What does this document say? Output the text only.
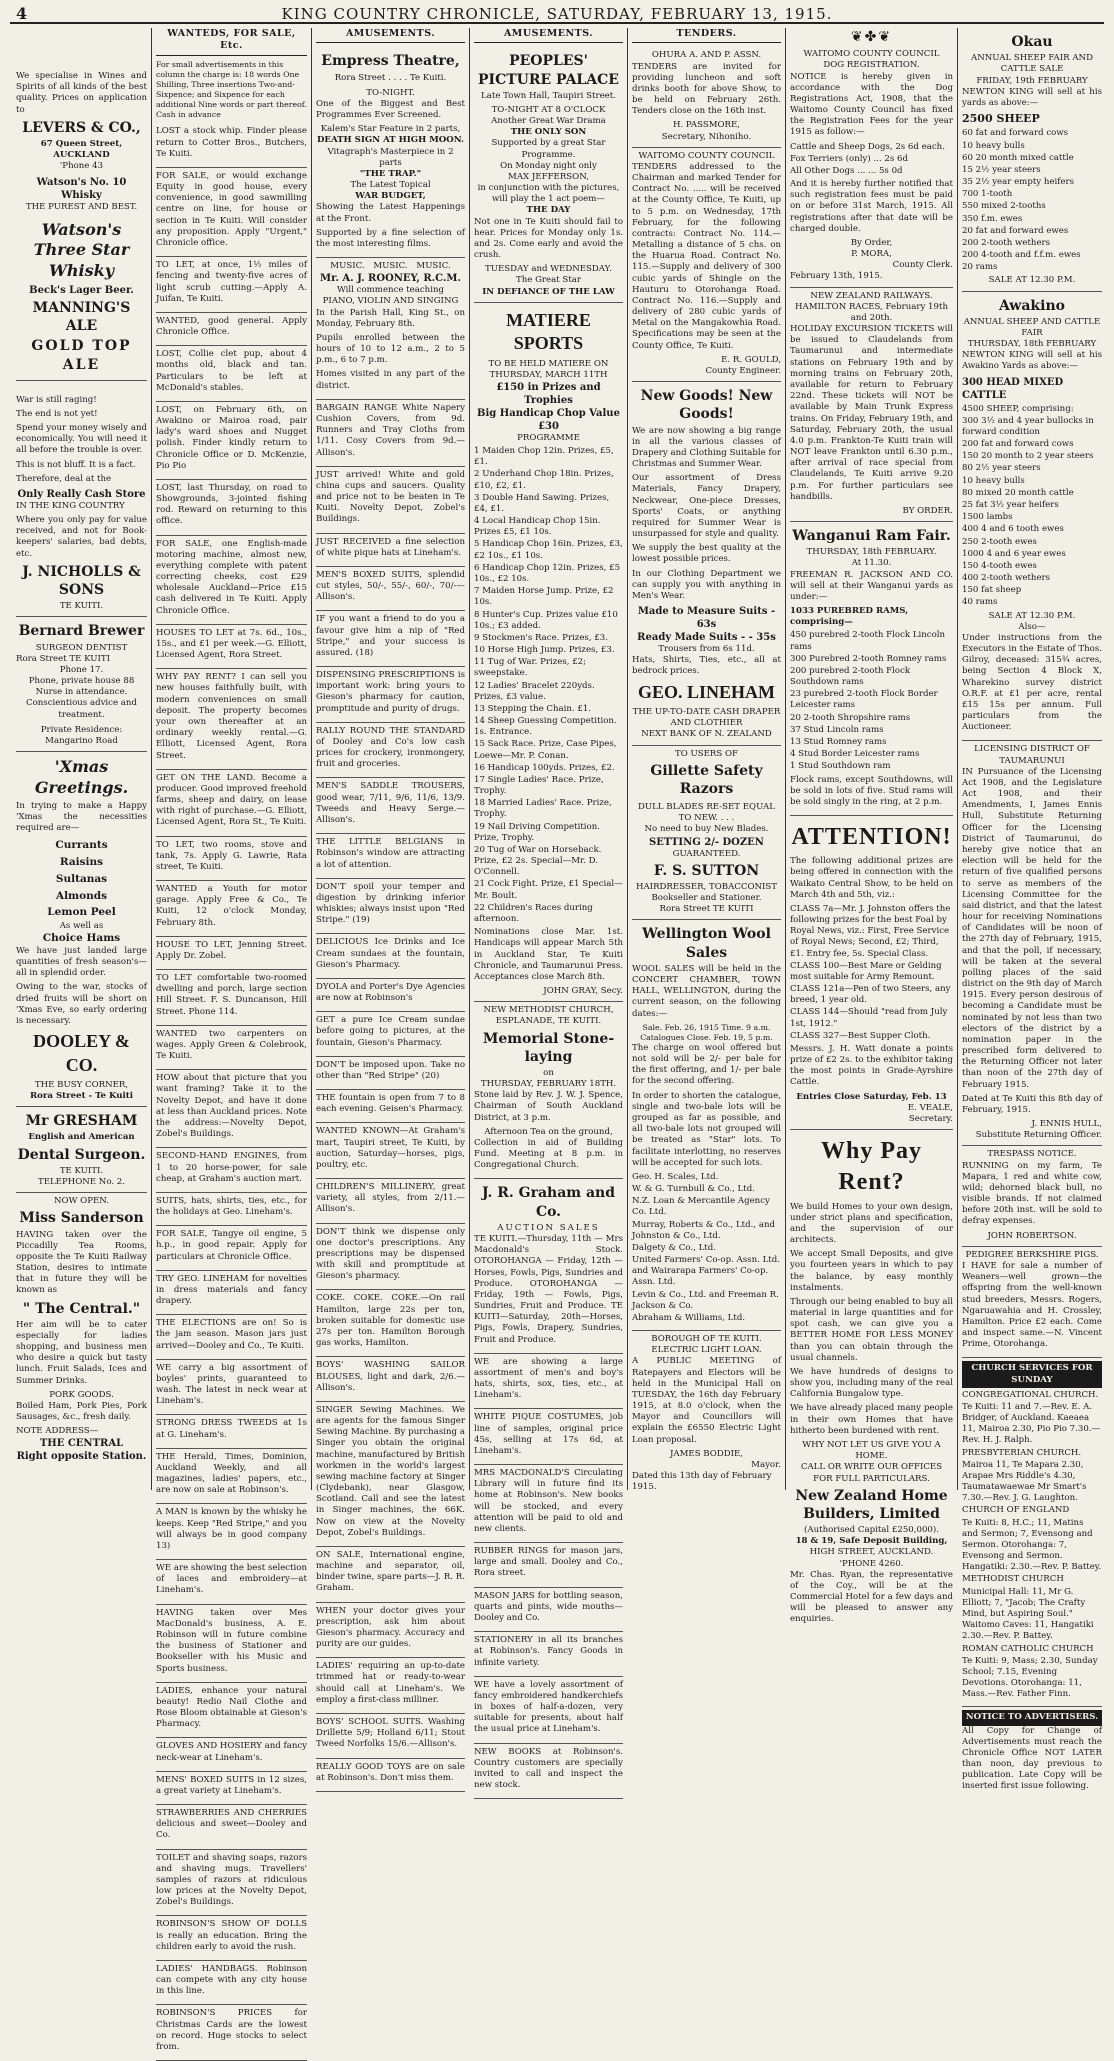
4	KING COUNTRY CHRONICLE, SATURDAY, FEBRUARY 13, 1915.

We specialise in Wines and Spirits of all kinds of the best quality. Prices on application to

LEVERS & CO.,
67 Queen Street, AUCKLAND
'Phone 43
Watson's No. 10 Whisky
THE PUREST AND BEST.
Watson's Three Star Whisky
Beck's Lager Beer.
MANNING'S ALE
GOLD TOP ALE

War is still raging!

The end is not yet!

Spend your money wisely and economically. You will need it all before the trouble is over.

This is not bluff. It is a fact.

Therefore, deal at the

Only Really Cash Store

IN THE KING COUNTRY

Where you only pay for value received, and not for Book-keepers' salaries, bad debts, etc.

J. NICHOLLS & SONS
TE KUITI.
Bernard Brewer
SURGEON DENTIST
Rora Street TE KUITI
Phone 17.
Phone, private house 88
Nurse in attendance.
Conscientious advice and treatment.
Private Residence: Mangarino Road
'Xmas Greetings.

In trying to make a Happy 'Xmas the necessities required are—

Currants
Raisins
Sultanas
Almonds
Lemon Peel
As well as
Choice Hams

We have just landed large quantities of fresh season's—all in splendid order.

Owing to the war, stocks of dried fruits will be short on 'Xmas Eve, so early ordering is necessary.

DOOLEY & CO.
THE BUSY CORNER,
Rora Street - Te Kuiti
Mr GRESHAM
English and American
Dental Surgeon.
TE KUITI.
TELEPHONE No. 2.
NOW OPEN.
Miss Sanderson

HAVING taken over the Piccadilly Tea Rooms, opposite the Te Kuiti Railway Station, desires to intimate that in future they will be known as

" The Central."

Her aim will be to cater especially for ladies shopping, and business men who desire a quick but tasty lunch. Fruit Salads, Ices and Summer Drinks.

PORK GOODS.

Boiled Ham, Pork Pies, Pork Sausages, &c., fresh daily.

NOTE ADDRESS—
THE CENTRAL
Right opposite Station.
WANTEDS, FOR SALE, Etc.

For small advertisements in this column the charge is: 18 words One Shilling, Three insertions Two-and-Sixpence; and Sixpence for each additional Nine words or part thereof. Cash in advance

LOST a stock whip. Finder please return to Cotter Bros., Butchers, Te Kuiti.

FOR SALE, or would exchange Equity in good house, every convenience, in good sawmilling centre on line, for house or section in Te Kuiti. Will consider any proposition. Apply "Urgent," Chronicle office.

TO LET, at once, 1½ miles of fencing and twenty-five acres of light scrub cutting.—Apply A. Juifan, Te Kuiti.

WANTED, good general. Apply Chronicle Office.

LOST, Collie clet pup, about 4 months old, black and tan. Particulars to be left at McDonald's stables.

LOST, on February 6th, on Awakino or Mairoa road, pair lady's ward shoes and Nugget polish. Finder kindly return to Chronicle Office or D. McKenzie, Pio Pio

LOST, last Thursday, on road to Showgrounds, 3-jointed fishing rod. Reward on returning to this office.

FOR SALE, one English-made motoring machine, almost new, everything complete with patent correcting cheeks, cost £29 wholesale Auckland—Price £15 cash delivered in Te Kuiti. Apply Chronicle Office.

HOUSES TO LET at 7s. 6d., 10s., 15s., and £1 per week.—G. Elliott, Licensed Agent, Rora Street.

WHY PAY RENT? I can sell you new houses faithfully built, with modern conveniences on small deposit. The property becomes your own thereafter at an ordinary weekly rental.—G. Elliott, Licensed Agent, Rora Street.

GET ON THE LAND. Become a producer. Good improved freehold farms, sheep and dairy, on lease with right of purchase.—G. Elliott, Licensed Agent, Rora St., Te Kuiti.

TO LET, two rooms, stove and tank, 7s. Apply G. Lawrie, Rata street, Te Kuiti.

WANTED a Youth for motor garage. Apply Free & Co., Te Kuiti, 12 o'clock Monday, February 8th.

HOUSE TO LET, Jenning Street. Apply Dr. Zobel.

TO LET comfortable two-roomed dwelling and porch, large section Hill Street. F. S. Duncanson, Hill Street. Phone 114.

WANTED two carpenters on wages. Apply Green & Colebrook, Te Kuiti.

HOW about that picture that you want framing? Take it to the Novelty Depot, and have it done at less than Auckland prices. Note the address:—Novelty Depot, Zobel's Buildings.

SECOND-HAND ENGINES, from 1 to 20 horse-power, for sale cheap, at Graham's auction mart.

SUITS, hats, shirts, ties, etc., for the holidays at Geo. Lineham's.

FOR SALE, Tangye oil engine, 5 h.p., in good repair. Apply for particulars at Chronicle Office.

TRY GEO. LINEHAM for novelties in dress materials and fancy drapery.

THE ELECTIONS are on! So is the jam season. Mason jars just arrived—Dooley and Co., Te Kuiti.

WE carry a big assortment of boyles' prints, guaranteed to wash. The latest in neck wear at Lineham's.

STRONG DRESS TWEEDS at 1s at G. Lineham's.

THE Herald, Times, Dominion, Auckland Weekly, and all magazines, ladies' papers, etc., are now on sale at Robinson's.

A MAN is known by the whisky he keeps. Keep "Red Stripe," and you will always be in good company 13)

WE are showing the best selection of laces and embroidery—at Lineham's.

HAVING taken over Mes MacDonald's business, A. E. Robinson will in future combine the business of Stationer and Bookseller with his Music and Sports business.

LADIES, enhance your natural beauty! Redio Nail Clothe and Rose Bloom obtainable at Gieson's Pharmacy.

GLOVES AND HOSIERY and fancy neck-wear at Lineham's.

MENS' BOXED SUITS in 12 sizes, a great variety at Lineham's.

STRAWBERRIES AND CHERRIES delicious and sweet—Dooley and Co.

TOILET and shaving soaps, razors and shaving mugs. Travellers' samples of razors at ridiculous low prices at the Novelty Depot, Zobel's Buildings.

ROBINSON'S SHOW OF DOLLS is really an education. Bring the children early to avoid the rush.

LADIES' HANDBAGS. Robinson can compete with any city house in this line.

ROBINSON'S PRICES for Christmas Cards are the lowest on record. Huge stocks to select from.

AMUSEMENTS.
Empress Theatre,
Rora Street . . . . Te Kuiti.
TO-NIGHT.

One of the Biggest and Best Programmes Ever Screened.

Kalem's Star Feature in 2 parts,
DEATH SIGN AT HIGH MOON.
Vitagraph's Masterpiece in 2 parts
"THE TRAP."
The Latest Topical
WAR BUDGET,

Showing the Latest Happenings at the Front.

Supported by a fine selection of the most interesting films.

MUSIC. MUSIC. MUSIC.
Mr. A. J. ROONEY, R.C.M.
Will commence teaching
PIANO, VIOLIN AND SINGING

In the Parish Hall, King St., on Monday, February 8th.

Pupils enrolled between the hours of 10 to 12 a.m., 2 to 5 p.m., 6 to 7 p.m.

Homes visited in any part of the district.

BARGAIN RANGE White Napery Cushion Covers, from 9d. Runners and Tray Cloths from 1/11. Cosy Covers from 9d.—Allison's.

JUST arrived! White and gold china cups and saucers. Quality and price not to be beaten in Te Kuiti. Novelty Depot, Zobel's Buildings.

JUST RECEIVED a fine selection of white pique hats at Lineham's.

MEN'S BOXED SUITS, splendid cut styles, 50/-, 55/-, 60/-, 70/-—Allison's.

IF you want a friend to do you a favour give him a nip of "Red Stripe," and your success is assured. (18)

DISPENSING PRESCRIPTIONS is important work: bring yours to Gieson's pharmacy for caution, promptitude and purity of drugs.

RALLY ROUND THE STANDARD of Dooley and Co's low cash prices for crockery, ironmongery, fruit and groceries.

MEN'S SADDLE TROUSERS, good wear, 7/11, 9/6, 11/6, 13/9. Tweeds and Heavy Serge.—Allison's.

THE LITTLE BELGIANS in Robinson's window are attracting a lot of attention.

DON'T spoil your temper and digestion by drinking inferior whiskies; always insist upon "Red Stripe." (19)

DELICIOUS Ice Drinks and Ice Cream sundaes at the fountain, Gieson's Pharmacy.

DYOLA and Porter's Dye Agencies are now at Robinson's

GET a pure Ice Cream sundae before going to pictures, at the fountain, Gieson's Pharmacy.

DON'T be imposed upon. Take no other than "Red Stripe" (20)

THE fountain is open from 7 to 8 each evening. Geisen's Pharmacy.

WANTED KNOWN—At Graham's mart, Taupiri street, Te Kuiti, by auction, Saturday—horses, pigs, poultry, etc.

CHILDREN'S MILLINERY, great variety, all styles, from 2/11.—Allison's.

DON'T think we dispense only one doctor's prescriptions. Any prescriptions may be dispensed with skill and promptitude at Gieson's pharmacy.

COKE. COKE. COKE.—On rail Hamilton, large 22s per ton, broken suitable for domestic use 27s per ton. Hamilton Borough gas works, Hamilton.

BOYS' WASHING SAILOR BLOUSES, light and dark, 2/6.—Allison's.

SINGER Sewing Machines. We are agents for the famous Singer Sewing Machine. By purchasing a Singer you obtain the original machine, manufactured by British workmen in the world's largest sewing machine factory at Singer (Clydebank), near Glasgow, Scotland. Call and see the latest in Singer machines, the 66K. Now on view at the Novelty Depot, Zobel's Buildings.

ON SALE, International engine, machine and separator, oil, binder twine, spare parts—J. R. R. Graham.

WHEN your doctor gives your prescription, ask him about Gieson's pharmacy. Accuracy and purity are our guides.

LADIES' requiring an up-to-date trimmed hat or ready-to-wear should call at Lineham's. We employ a first-class milliner.

BOYS' SCHOOL SUITS. Washing Drillette 5/9; Holland 6/11; Stout Tweed Norfolks 15/6.—Allison's.

REALLY GOOD TOYS are on sale at Robinson's. Don't miss them.

AMUSEMENTS.
PEOPLES' PICTURE PALACE
Late Town Hall, Taupiri Street.
TO-NIGHT AT 8 O'CLOCK
Another Great War Drama
THE ONLY SON
Supported by a great Star Programme.
On Monday night only
MAX JEFFERSON,
in conjunction with the pictures, will play the 1 act poem—
THE DAY

Not one in Te Kuiti should fail to hear. Prices for Monday only 1s. and 2s. Come early and avoid the crush.

TUESDAY and WEDNESDAY.
The Great Star
IN DEFIANCE OF THE LAW
MATIERE SPORTS
TO BE HELD MATIERE ON
THURSDAY, MARCH 11TH
£150 in Prizes and Trophies
Big Handicap Chop Value £30
PROGRAMME
1 Maiden Chop 12in. Prizes, £5, £1.
2 Underhand Chop 18in. Prizes, £10, £2, £1.
3 Double Hand Sawing. Prizes, £4, £1.
4 Local Handicap Chop 15in. Prizes £5, £1 10s.
5 Handicap Chop 16in. Prizes, £3, £2 10s., £1 10s.
6 Handicap Chop 12in. Prizes, £5 10s., £2 10s.
7 Maiden Horse Jump. Prize, £2 10s.
8 Hunter's Cup. Prizes value £10 10s.; £3 added.
9 Stockmen's Race. Prizes, £3.
10 Horse High Jump. Prizes, £3.
11 Tug of War. Prizes, £2; sweepstake.
12 Ladies' Bracelet 220yds. Prizes, £3 value.
13 Stepping the Chain. £1.
14 Sheep Guessing Competition. 1s. Entrance.
15 Sack Race. Prize, Case Pipes, Loewe—Mr. P. Conan.
16 Handicap 100yds. Prizes, £2.
17 Single Ladies' Race. Prize, Trophy.
18 Married Ladies' Race. Prize, Trophy.
19 Nail Driving Competition. Prize, Trophy.
20 Tug of War on Horseback. Prize, £2 2s. Special—Mr. D. O'Connell.
21 Cock Fight. Prize, £1 Special—Mr. Boult.
22 Children's Races during afternoon.

Nominations close Mar. 1st. Handicaps will appear March 5th in Auckland Star, Te Kuiti Chronicle, and Taumarunui Press. Acceptances close March 8th.

JOHN GRAY, Secy.
NEW METHODIST CHURCH, ESPLANADE, TE KUITI.
Memorial Stone-laying
on
THURSDAY, FEBRUARY 18TH.

Stone laid by Rev. J. W. J. Spence, Chairman of South Auckland District, at 3 p.m.

Afternoon Tea on the ground,

Collection in aid of Building Fund. Meeting at 8 p.m. in Congregational Church.

J. R. Graham and Co.
AUCTION SALES

TE KUITI.—Thursday, 11th — Mrs Macdonald's Stock. OTOROHANGA — Friday, 12th — Horses, Fowls, Pigs, Sundries and Produce. OTOROHANGA — Friday, 19th — Fowls, Pigs, Sundries, Fruit and Produce. TE KUITI—Saturday, 20th—Horses, Pigs, Fowls, Drapery, Sundries, Fruit and Produce.

WE are showing a large assortment of men's and boy's hats, shirts, sox, ties, etc., at Lineham's.

WHITE PIQUE COSTUMES, job line of samples, original price 45s, selling at 17s 6d, at Lineham's.

MRS MACDONALD'S Circulating Library will in future find its home at Robinson's. New books will be stocked, and every attention will be paid to old and new clients.

RUBBER RINGS for mason jars, large and small. Dooley and Co., Rora street.

MASON JARS for bottling season, quarts and pints, wide mouths—Dooley and Co.

STATIONERY in all its branches at Robinson's. Fancy Goods in infinite variety.

WE have a lovely assortment of fancy embroidered handkerchiefs in boxes of half-a-dozen, very suitable for presents, about half the usual price at Lineham's.

NEW BOOKS at Robinson's. Country customers are specially invited to call and inspect the new stock.

TENDERS.
OHURA A. AND P. ASSN.

TENDERS are invited for providing luncheon and soft drinks booth for above Show, to be held on February 26th. Tenders close on the 16th inst.

H. PASSMORE,
Secretary, Nihoniho.
WAITOMO COUNTY COUNCIL

TENDERS addressed to the Chairman and marked Tender for Contract No. ..... will be received at the County Office, Te Kuiti, up to 5 p.m. on Wednesday, 17th February, for the following contracts: Contract No. 114.—Metalling a distance of 5 chs. on the Huarua Road. Contract No. 115.—Supply and delivery of 300 cubic yards of Shingle on the Hauturu to Otorohanga Road. Contract No. 116.—Supply and delivery of 280 cubic yards of Metal on the Mangakowhia Road. Specifications may be seen at the County Office, Te Kuiti.

E. R. GOULD,
County Engineer.
New Goods! New Goods!

We are now showing a big range in all the various classes of Drapery and Clothing Suitable for Christmas and Summer Wear.

Our assortment of Dress Materials, Fancy Drapery, Neckwear, One-piece Dresses, Sports' Coats, or anything required for Summer Wear is unsurpassed for style and quality.

We supply the best quality at the lowest possible prices.

In our Clothing Department we can supply you with anything in Men's Wear.

Made to Measure Suits - 63s
Ready Made Suits - - 35s
Trousers from 6s 11d.

Hats, Shirts, Ties, etc., all at bedrock prices.

GEO. LINEHAM
THE UP-TO-DATE CASH DRAPER AND CLOTHIER
NEXT BANK OF N. ZEALAND
TO USERS OF
Gillette Safety Razors
DULL BLADES RE-SET EQUAL TO NEW. . . .
No need to buy New Blades.
SETTING 2/- DOZEN
GUARANTEED.
F. S. SUTTON
HAIRDRESSER, TOBACCONIST
Bookseller and Stationer.
Rora Street TE KUITI
Wellington Wool Sales

WOOL SALES will be held in the CONCERT CHAMBER, TOWN HALL, WELLINGTON, during the current season, on the following dates:—

Sale. Feb. 26, 1915 Time. 9 a.m. Catalogues Close. Feb. 19, 5 p.m.

The charge on wool offered but not sold will be 2/- per bale for the first offering, and 1/- per bale for the second offering.

In order to shorten the catalogue, single and two-bale lots will be grouped as far as possible, and all two-bale lots not grouped will be treated as "Star" lots. To facilitate interlotting, no reserves will be accepted for such lots.

Geo. H. Scales, Ltd.
W. & G. Turnbull & Co., Ltd.
N.Z. Loan & Mercantile Agency Co. Ltd.
Murray, Roberts & Co., Ltd., and Johnston & Co., Ltd.
Dalgety & Co., Ltd.
United Farmers' Co-op. Assn. Ltd. and Wairarapa Farmers' Co-op. Assn. Ltd.
Levin & Co., Ltd. and Freeman R. Jackson & Co.
Abraham & Williams, Ltd.
BOROUGH OF TE KUITI.
ELECTRIC LIGHT LOAN.

A PUBLIC MEETING of Ratepayers and Electors will be held in the Municipal Hall on TUESDAY, the 16th day February 1915, at 8.0 o'clock, when the Mayor and Councillors will explain the £6550 Electric Light Loan proposal.

JAMES BODDIE,
Mayor.
Dated this 13th day of February 1915.
❦✤❦
WAITOMO COUNTY COUNCIL
DOG REGISTRATION.

NOTICE is hereby given in accordance with the Dog Registrations Act, 1908, that the Waitomo County Council has fixed the Registration Fees for the year 1915 as follow:—

Cattle and Sheep Dogs, 2s 6d each.
Fox Terriers (only) ... 2s 6d
All Other Dogs ... ... 5s 0d

And it is hereby further notified that such registration fees must be paid on or before 31st March, 1915. All registrations after that date will be charged double.

By Order,
P. MORA,
County Clerk.
February 13th, 1915.
NEW ZEALAND RAILWAYS.
HAMILTON RACES, February 19th and 20th.

HOLIDAY EXCURSION TICKETS will be issued to Claudelands from Taumarunui and intermediate stations on February 19th and by morning trains on February 20th, available for return to February 22nd. These tickets will NOT be available by Main Trunk Express trains. On Friday, February 19th, and Saturday, February 20th, the usual 4.0 p.m. Frankton-Te Kuiti train will NOT leave Frankton until 6.30 p.m., after arrival of race special from Claudelands, Te Kuiti arrive 9.20 p.m. For further particulars see handbills.

BY ORDER.
Wanganui Ram Fair.
THURSDAY, 18th FEBRUARY.
At 11.30.

FREEMAN R. JACKSON AND CO. will sell at their Wanganui yards as under:—

1033 PUREBRED RAMS, comprising—
450 purebred 2-tooth Flock Lincoln rams
300 Purebred 2-tooth Romney rams
200 purebred 2-tooth Flock Southdown rams
23 purebred 2-tooth Flock Border Leicester rams
20 2-tooth Shropshire rams
37 Stud Lincoln rams
13 Stud Romney rams
4 Stud Border Leicester rams
1 Stud Southdown ram

Flock rams, except Southdowns, will be sold in lots of five. Stud rams will be sold singly in the ring, at 2 p.m.

ATTENTION!

The following additional prizes are being offered in connection with the Waikato Central Show, to be held on March 4th and 5th, viz.:

CLASS 7a—Mr. J. Johnston offers the following prizes for the best Foal by Royal News, viz.: First, Free Service of Royal News; Second, £2; Third, £1. Entry fee, 5s. Special Class.
CLASS 100—Best Mare or Gelding most suitable for Army Remount.
CLASS 121a—Pen of two Steers, any breed, 1 year old.
CLASS 144—Should "read from July 1st, 1912."
CLASS 327—Best Supper Cloth.

Messrs. J. H. Watt donate a points prize of £2 2s. to the exhibitor taking the most points in Grade-Ayrshire Cattle.

Entries Close Saturday, Feb. 13
E. VEALE,
Secretary.
Why Pay Rent?

We build Homes to your own design, under strict plans and specification, and the supervision of our architects.

We accept Small Deposits, and give you fourteen years in which to pay the balance, by easy monthly instalments.

Through our being enabled to buy all material in large quantities and for spot cash, we can give you a BETTER HOME FOR LESS MONEY than you can obtain through the usual channels.

We have hundreds of designs to show you, including many of the real California Bungalow type.

We have already placed many people in their own Homes that have hitherto been burdened with rent.

WHY NOT LET US GIVE YOU A HOME.
CALL OR WRITE OUR OFFICES FOR FULL PARTICULARS.
New Zealand Home Builders, Limited
(Authorised Capital £250,000).
18 & 19, Safe Deposit Building,
HIGH STREET, AUCKLAND.
'PHONE 4260.

Mr. Chas. Ryan, the representative of the Coy., will be at the Commercial Hotel for a few days and will be pleased to answer any enquiries.

Okau
ANNUAL SHEEP FAIR AND CATTLE SALE
FRIDAY, 19th FEBRUARY

NEWTON KING will sell at his yards as above:—

2500 SHEEP
60 fat and forward cows
10 heavy bulls
60 20 month mixed cattle
15 2½ year steers
35 2½ year empty heifers
700 1-tooth
550 mixed 2-tooths
350 f.m. ewes
20 fat and forward ewes
200 2-tooth wethers
200 4-tooth and f.f.m. ewes
20 rams
SALE AT 12.30 P.M.
Awakino
ANNUAL SHEEP AND CATTLE FAIR
THURSDAY, 18th FEBRUARY

NEWTON KING will sell at his Awakino Yards as above:—

300 HEAD MIXED CATTLE
4500 SHEEP, comprising:
300 3½ and 4 year bullocks in forward condition
200 fat and forward cows
150 20 month to 2 year steers
80 2½ year steers
10 heavy bulls
80 mixed 20 month cattle
25 fat 3½ year heifers
1500 lambs
400 4 and 6 tooth ewes
250 2-tooth ewes
1000 4 and 6 year ewes
150 4-tooth ewes
400 2-tooth wethers
150 fat sheep
40 rams
SALE AT 12.30 P.M.
Also—

Under instructions from the Executors in the Estate of Thos. Gilroy, deceased: 315¾ acres, being Section 4 Block X, Wharekino survey district O.R.F. at £1 per acre, rental £15 15s per annum. Full particulars from the Auctioneer.

LICENSING DISTRICT OF TAUMARUNUI

IN Pursuance of the Licensing Act 1908, and the Legislature Act 1908, and their Amendments, I, James Ennis Hull, Substitute Returning Officer for the Licensing District of Taumarunui, do hereby give notice that an election will be held for the return of five qualified persons to serve as members of the Licensing Committee for the said district, and that the latest hour for receiving Nominations of Candidates will be noon of the 27th day of February, 1915, and that the poll, if necessary, will be taken at the several polling places of the said district on the 9th day of March 1915. Every person desirous of becoming a Candidate must be nominated by not less than two electors of the district by a nomination paper in the prescribed form delivered to the Returning Officer not later than noon of the 27th day of February 1915.

Dated at Te Kuiti this 8th day of February, 1915.

J. ENNIS HULL,
Substitute Returning Officer.
TRESPASS NOTICE.

RUNNING on my farm, Te Mapara, 1 red and white cow, wild; dehorned black bull, no visible brands. If not claimed before 20th inst. will be sold to defray expenses.

JOHN ROBERTSON.
PEDIGREE BERKSHIRE PIGS.

I HAVE for sale a number of Weaners—well grown—the offspring from the well-known stud breeders, Messrs. Rogers, Ngaruawahia and H. Crossley, Hamilton. Price £2 each. Come and inspect same.—N. Vincent Prime, Otorohanga.

CHURCH SERVICES FOR SUNDAY
CONGREGATIONAL CHURCH.
Te Kuiti: 11 and 7.—Rev. E. A. Bridger, of Auckland. Kaeaea 11, Mairoa 2.30, Pio Pio 7.30.—Rev. H. J. Ralph.
PRESBYTERIAN CHURCH.
Mairoa 11, Te Mapara 2.30, Arapae Mrs Riddle's 4.30, Taumatawaewae Mr Smart's 7.30.—Rev. J. G. Laughton.
CHURCH OF ENGLAND
Te Kuiti: 8, H.C.; 11, Matins and Sermon; 7, Evensong and Sermon. Otorohanga: 7, Evensong and Sermon. Hangatiki: 2.30.—Rev. P. Battey.
METHODIST CHURCH
Municipal Hall: 11, Mr G. Elliott; 7, "Jacob; The Crafty Mind, but Aspiring Soul." Waitomo Caves: 11, Hangatiki 2.30.—Rev. P. Battey.
ROMAN CATHOLIC CHURCH
Te Kuiti: 9, Mass; 2.30, Sunday School; 7.15, Evening Devotions. Otorohanga: 11, Mass.—Rev. Father Finn.
NOTICE TO ADVERTISERS.

All Copy for Change of Advertisements must reach the Chronicle Office NOT LATER than noon, day previous to publication. Late Copy will be inserted first issue following.
